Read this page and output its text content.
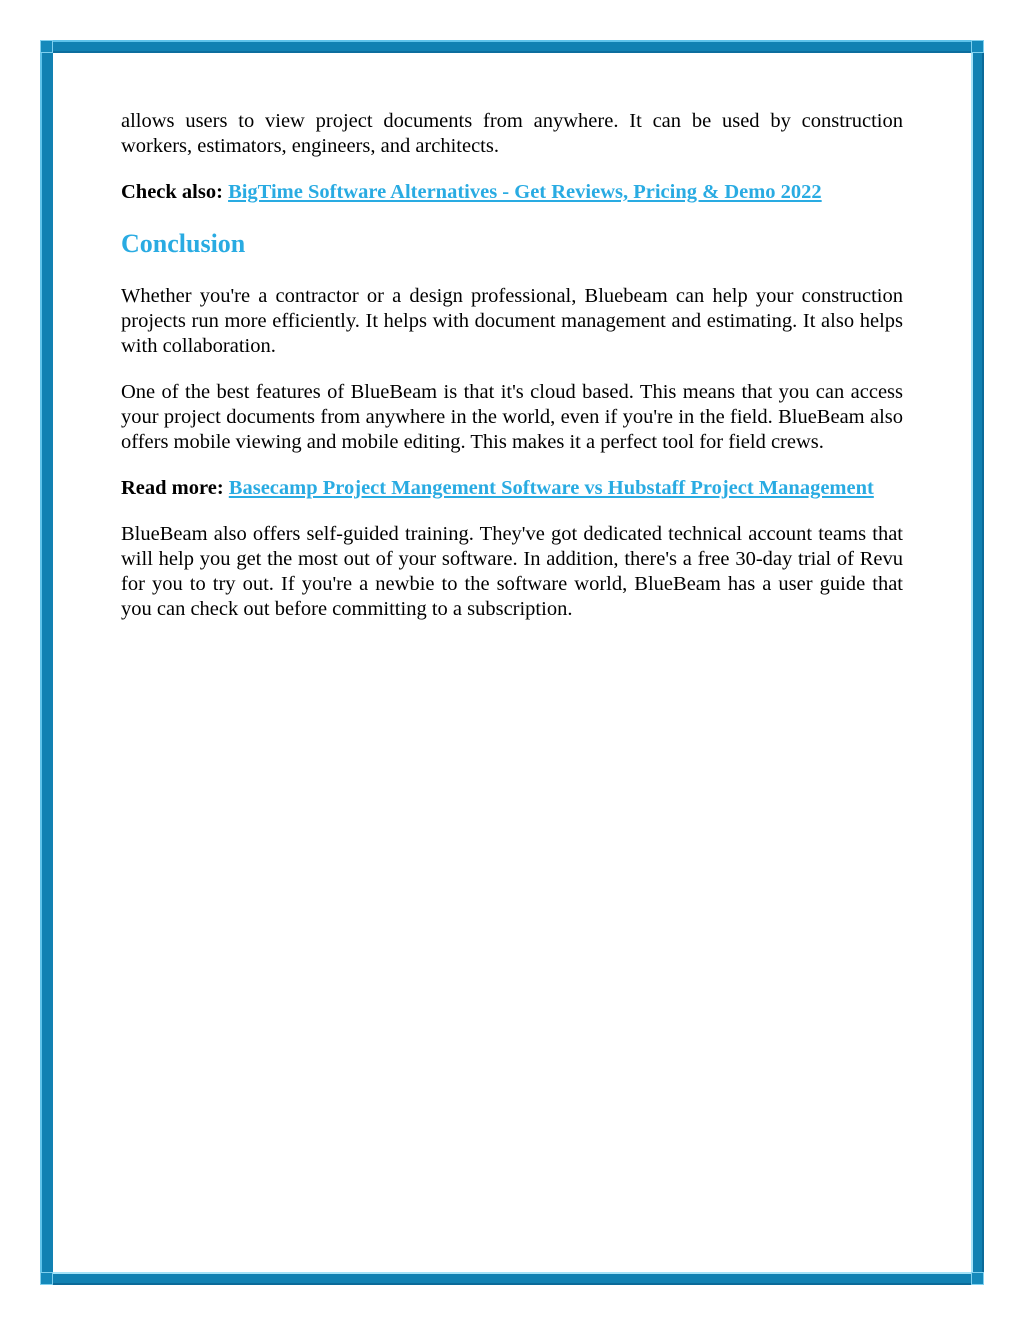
allows users to view project documents from anywhere. It can be used by construction workers, estimators, engineers, and architects.

Check also: BigTime Software Alternatives - Get Reviews, Pricing & Demo 2022

Conclusion

Whether you're a contractor or a design professional, Bluebeam can help your construction projects run more efficiently. It helps with document management and estimating. It also helps with collaboration.

One of the best features of BlueBeam is that it's cloud based. This means that you can access your project documents from anywhere in the world, even if you're in the field. BlueBeam also offers mobile viewing and mobile editing. This makes it a perfect tool for field crews.

Read more: Basecamp Project Mangement Software vs Hubstaff Project Management

BlueBeam also offers self-guided training. They've got dedicated technical account teams that will help you get the most out of your software. In addition, there's a free 30-day trial of Revu for you to try out. If you're a newbie to the software world, BlueBeam has a user guide that you can check out before committing to a subscription.
